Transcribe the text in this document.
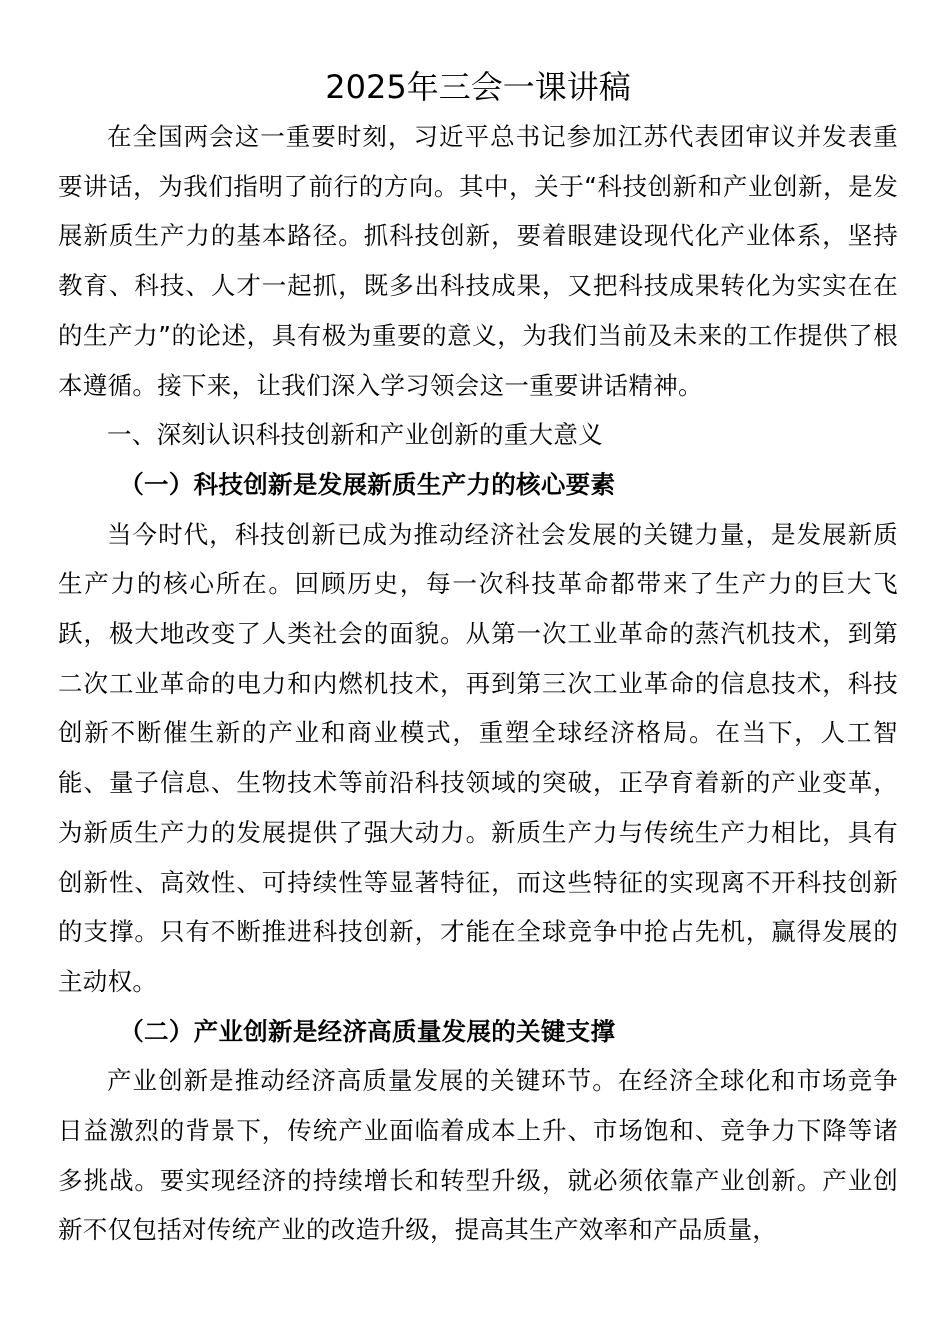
2025年三会一课讲稿

在全国两会这一重要时刻，习近平总书记参加江苏代表团审议并发表重要讲话，为我们指明了前行的方向。其中，关于“科技创新和产业创新，是发展新质生产力的基本路径。抓科技创新，要着眼建设现代化产业体系，坚持教育、科技、人才一起抓，既多出科技成果，又把科技成果转化为实实在在的生产力”的论述，具有极为重要的意义，为我们当前及未来的工作提供了根本遵循。接下来，让我们深入学习领会这一重要讲话精神。

一、深刻认识科技创新和产业创新的重大意义

（一）科技创新是发展新质生产力的核心要素

当今时代，科技创新已成为推动经济社会发展的关键力量，是发展新质生产力的核心所在。回顾历史，每一次科技革命都带来了生产力的巨大飞跃，极大地改变了人类社会的面貌。从第一次工业革命的蒸汽机技术，到第二次工业革命的电力和内燃机技术，再到第三次工业革命的信息技术，科技创新不断催生新的产业和商业模式，重塑全球经济格局。在当下，人工智能、量子信息、生物技术等前沿科技领域的突破，正孕育着新的产业变革，为新质生产力的发展提供了强大动力。新质生产力与传统生产力相比，具有创新性、高效性、可持续性等显著特征，而这些特征的实现离不开科技创新的支撑。只有不断推进科技创新，才能在全球竞争中抢占先机，赢得发展的主动权。

（二）产业创新是经济高质量发展的关键支撑

产业创新是推动经济高质量发展的关键环节。在经济全球化和市场竞争日益激烈的背景下，传统产业面临着成本上升、市场饱和、竞争力下降等诸多挑战。要实现经济的持续增长和转型升级，就必须依靠产业创新。产业创新不仅包括对传统产业的改造升级，提高其生产效率和产品质量，
